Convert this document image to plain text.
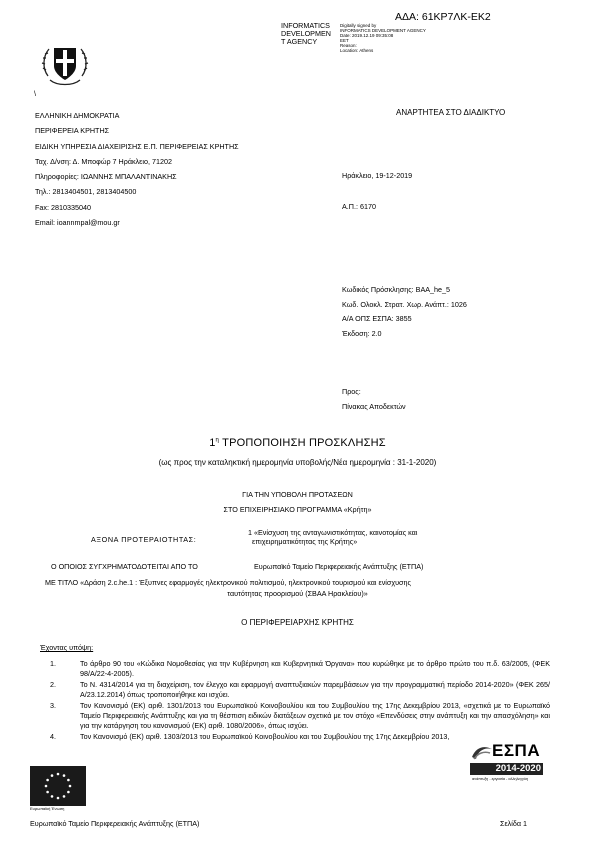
ΑΔΑ: 61ΚΡ7ΛΚ-ΕΚ2
INFORMATICS
DEVELOPMEN
T AGENCY
Digitally signed by
INFORMATICS DEVELOPMENT AGENCY
Date: 2019.12.19 09:35:08
EET
Reason:
Location: Athens
\
ΕΛΛΗΝΙΚΗ ΔΗΜΟΚΡΑΤΙΑ
ΠΕΡΙΦΕΡΕΙΑ ΚΡΗΤΗΣ
ΕΙΔΙΚΗ ΥΠΗΡΕΣΙΑ ΔΙΑΧΕΙΡΙΣΗΣ Ε.Π. ΠΕΡΙΦΕΡΕΙΑΣ ΚΡΗΤΗΣ
Ταχ. Δ/νση: Δ. Μποφώρ 7 Ηράκλειο, 71202
Πληροφορίες: ΙΩΑΝΝΗΣ ΜΠΑΛΑΝΤΙΝΑΚΗΣ
Τηλ.: 2813404501, 2813404500
Fax: 2810335040
Email: ioannmpal@mou.gr
ΑΝΑΡΤΗΤΕΑ ΣΤΟ ΔΙΑΔΙΚΤΥΟ
Ηράκλειο, 19-12-2019
Α.Π.: 6170
Κωδικός Πρόσκλησης: ΒΑΑ_he_5
Κωδ. Ολοκλ. Στρατ. Χωρ. Ανάπτ.: 1026
Α/Α ΟΠΣ ΕΣΠΑ: 3855
Έκδοση: 2.0
Προς:
Πίνακας Αποδεκτών
$1^\eta$ ΤΡΟΠΟΠΟΙΗΣΗ ΠΡΟΣΚΛΗΣΗΣ
(ως προς την καταληκτική ημερομηνία υποβολής/Νέα ημερομηνία : 31-1-2020)
ΓΙΑ ΤΗΝ ΥΠΟΒΟΛΗ ΠΡΟΤΑΣΕΩΝ
ΣΤΟ ΕΠΙΧΕΙΡΗΣΙΑΚΟ ΠΡΟΓΡΑΜΜΑ «Κρήτη»
ΑΞΟΝΑ ΠΡΟΤΕΡΑΙΟΤΗΤΑΣ:
1 «Ενίσχυση της ανταγωνιστικότητας, καινοτομίας και
επιχειρηματικότητας της Κρήτης»
Ο ΟΠΟΙΟΣ ΣΥΓΧΡΗΜΑΤΟΔΟΤΕΙΤΑΙ ΑΠΟ ΤΟ	Ευρωπαϊκό Ταμείο Περιφερειακής Ανάπτυξης (ΕΤΠΑ)
ΜΕ ΤΙΤΛΟ «Δράση 2.c.he.1 : Έξυπνες εφαρμογές ηλεκτρονικού πολιτισμού, ηλεκτρονικού τουρισμού και ενίσχυσης
ταυτότητας προορισμού (ΣΒΑΑ Ηρακλείου)»
Ο ΠΕΡΙΦΕΡΕΙΑΡΧΗΣ ΚΡΗΤΗΣ
Έχοντας υπόψη:
1.	Το άρθρο 90 του «Κώδικα Νομοθεσίας για την Κυβέρνηση και Κυβερνητικά Όργανα» που κυρώθηκε με το άρθρο πρώτο του π.δ. 63/2005, (ΦΕΚ 98/Α/22-4-2005).
2.	Το Ν. 4314/2014 για τη διαχείριση, τον έλεγχο και εφαρμογή αναπτυξιακών παρεμβάσεων για την προγραμματική περίοδο 2014-2020» (ΦΕΚ 265/Α/23.12.2014) όπως τροποποιήθηκε και ισχύει.
3.	Τον Κανονισμό (ΕΚ) αριθ. 1301/2013 του Ευρωπαϊκού Κοινοβουλίου και του Συμβουλίου της 17ης Δεκεμβρίου 2013, «σχετικά με το Ευρωπαϊκό Ταμείο Περιφερειακής Ανάπτυξης και για τη θέσπιση ειδικών διατάξεων σχετικά με τον στόχο «Επενδύσεις στην ανάπτυξη και την απασχόληση» και για την κατάργηση του κανονισμού (ΕΚ) αριθ. 1080/2006», όπως ισχύει.
4.	Τον Κανονισμό (ΕΚ) αριθ. 1303/2013 του Ευρωπαϊκού Κοινοβουλίου και του Συμβουλίου της 17ης Δεκεμβρίου 2013,
Ευρωπαϊκή Ένωση
ΕΣΠΑ
2014-2020
ανάπτυξη - εργασία - αλληλεγγύη
Ευρωπαϊκό Ταμείο Περιφερειακής Ανάπτυξης (ΕΤΠΑ)	Σελίδα 1
